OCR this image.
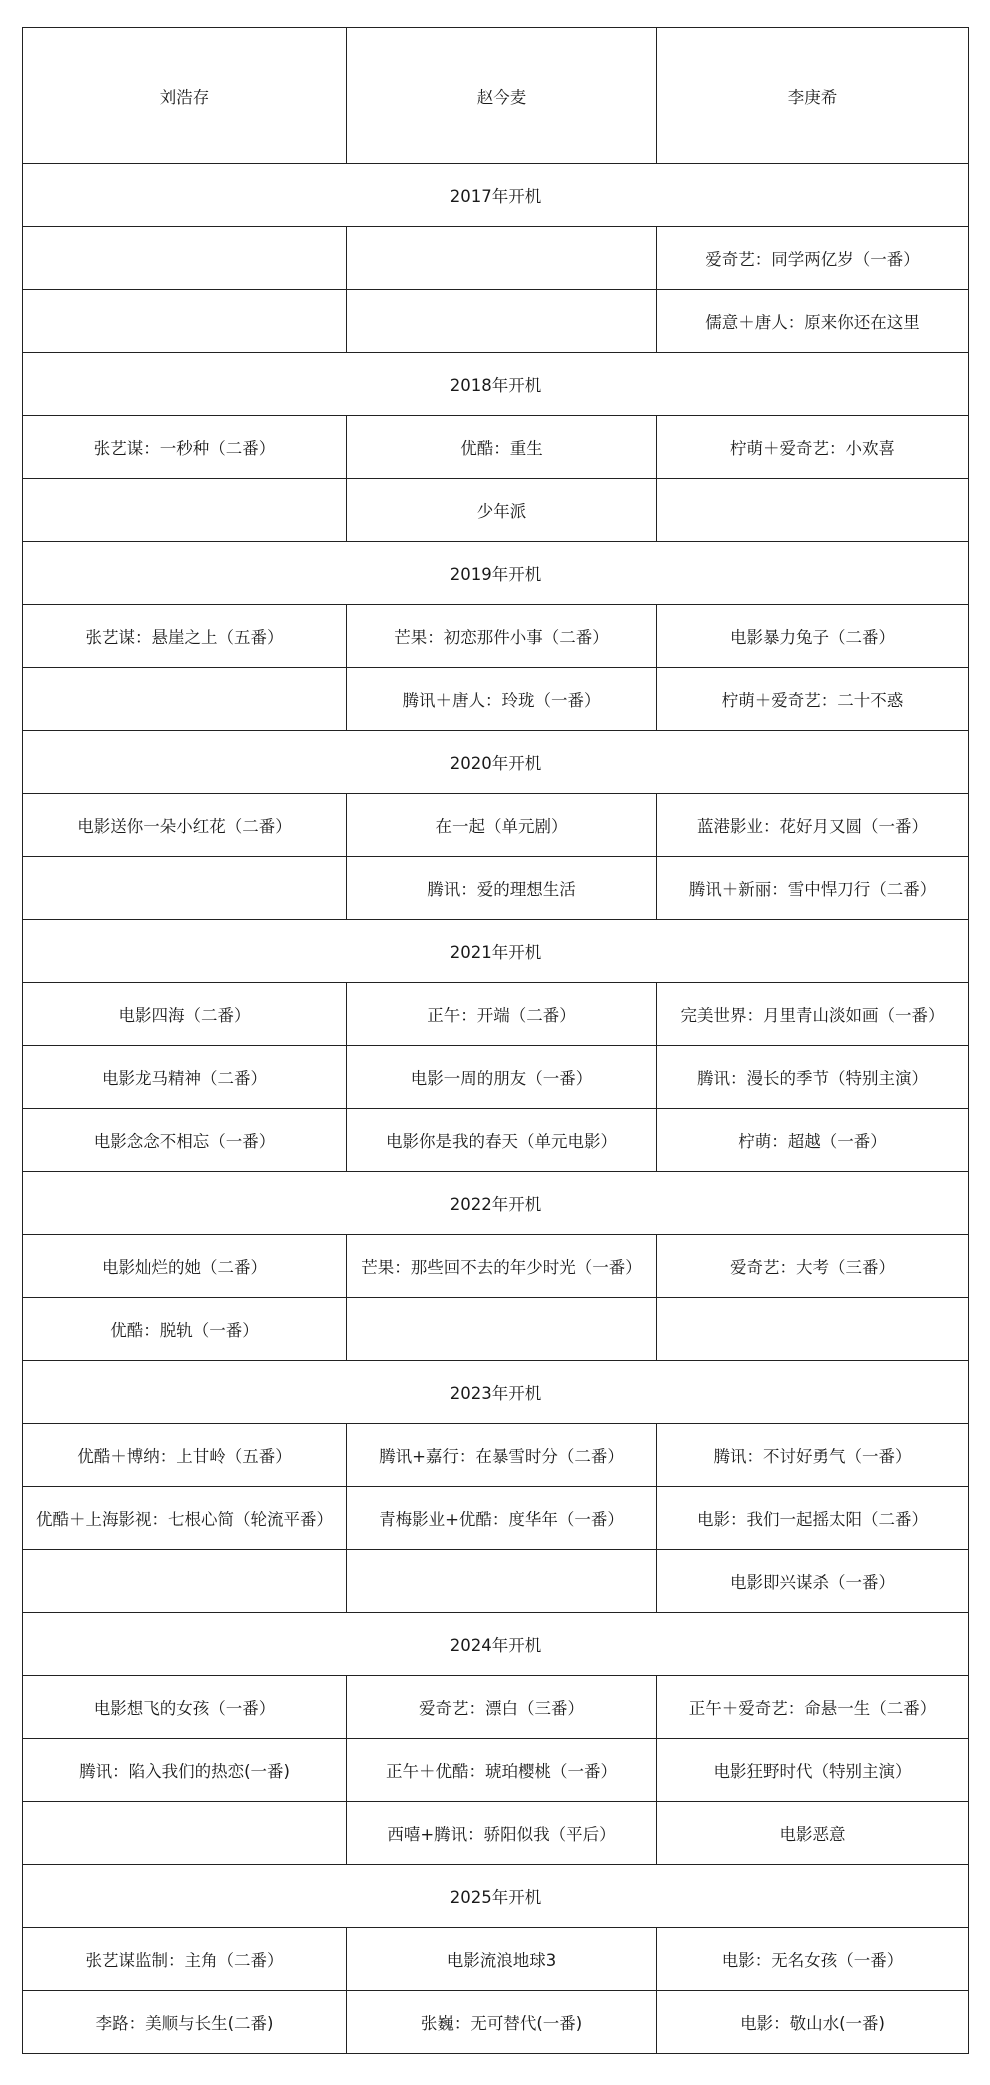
刘浩存	赵今麦	李庚希
2017年开机		
		爱奇艺：同学两亿岁（一番）
		儒意＋唐人：原来你还在这里
2018年开机		
张艺谋：一秒种（二番）	优酷：重生	柠萌＋爱奇艺：小欢喜
	少年派	
2019年开机		
张艺谋：悬崖之上（五番）	芒果：初恋那件小事（二番）	电影暴力兔子（二番）
	腾讯＋唐人：玲珑（一番）	柠萌＋爱奇艺：二十不惑
2020年开机		
电影送你一朵小红花（二番）	在一起（单元剧）	蓝港影业：花好月又圆（一番）
	腾讯：爱的理想生活	腾讯＋新丽：雪中悍刀行（二番）
2021年开机		
电影四海（二番）	正午：开端（二番）	完美世界：月里青山淡如画（一番）
电影龙马精神（二番）	电影一周的朋友（一番）	腾讯：漫长的季节（特别主演）
电影念念不相忘（一番）	电影你是我的春天（单元电影）	柠萌：超越（一番）
2022年开机		
电影灿烂的她（二番）	芒果：那些回不去的年少时光（一番）	爱奇艺：大考（三番）
优酷：脱轨（一番）		
2023年开机		
优酷＋博纳：上甘岭（五番）	腾讯+嘉行：在暴雪时分（二番）	腾讯：不讨好勇气（一番）
优酷＋上海影视：七根心简（轮流平番）	青梅影业+优酷：度华年（一番）	电影：我们一起摇太阳（二番）
		电影即兴谋杀（一番）
2024年开机		
电影想飞的女孩（一番）	爱奇艺：漂白（三番）	正午＋爱奇艺：命悬一生（二番）
腾讯：陷入我们的热恋(一番)	正午＋优酷：琥珀樱桃（一番）	电影狂野时代（特别主演）
	西嘻+腾讯：骄阳似我（平后）	电影恶意
2025年开机		
张艺谋监制：主角（二番）	电影流浪地球3	电影：无名女孩（一番）
李路：美顺与长生(二番)	张巍：无可替代(一番)	电影：敬山水(一番)
